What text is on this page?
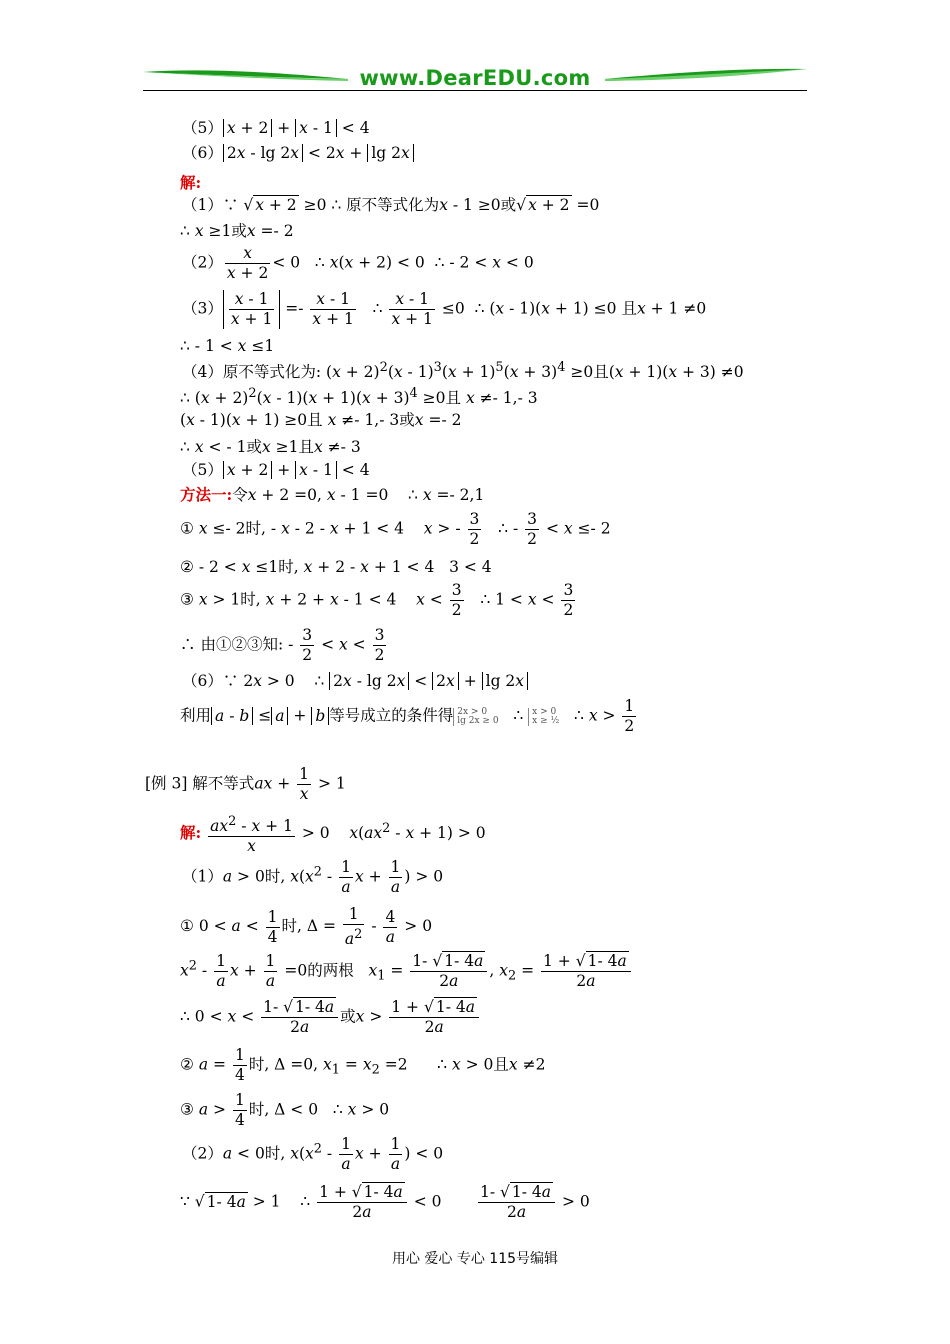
www.DearEDU.com
（5） x + 2 + x - 1 < 4
（6） 2x - lg 2x < 2x + lg 2x
解:
（1）∵ √ x + 2 ≥0 ∴ 原不等式化为x - 1 ≥0或√ x + 2 =0
∴ x ≥1或x =- 2
$(2) \frac{x}{x + 2} < 0$   ∴ x(x + 2) < 0  ∴ - 2 < x < 0
$(3) \frac{x - 1}{x + 1} =- \frac{x - 1}{x + 1}$ ∴ $\frac{x - 1}{x + 1} \le 0$  ∴ (x - 1)(x + 1) ≤0 且x + 1 ≠0
∴ - 1 < x ≤1
（4）原不等式化为: $(x + 2)^2(x - 1)^3(x + 1)^5(x + 3)^4 \ge 0$且(x + 1)(x + 3) ≠0
∴ $(x + 2)^2(x - 1)(x + 1)(x + 3)^4 \ge 0$且 x ≠- 1,- 3
(x - 1)(x + 1) ≥0且 x ≠- 1,- 3或x =- 2
∴ x < - 1或x ≥1且x ≠- 3
（5） x + 2 + x - 1 < 4
方法一:令x + 2 =0, x - 1 =0    ∴ x =- 2,1
① x ≤- 2时, - x - 2 - x + 1 < 4    x > - $\frac{3}{2}$ ∴ - $\frac{3}{2} < x \le- 2$
② - 2 < x ≤1时, x + 2 - x + 1 < 4   3 < 4
③ x > 1时, x + 2 + x - 1 < 4    $x < \frac{3}{2}$ ∴ $1 < x < \frac{3}{2}$
∴ 由①②③知: - $\frac{3}{2} < x < \frac{3}{2}$
（6）∵ 2x > 0    ∴ 2x - lg 2x < 2x + lg 2x
利用 a - b ≤ a + b 等号成立的条件得 2x > 0
lg 2x ≥ 0 ∴ x > 0
x ≥ ½ ∴ $x > \frac{1}{2}$
[例 3] 解不等式ax + $\frac{1}{x} > 1$
解: $\frac{ax^2 - x + 1}{x} > 0$    $x(ax^2 - x + 1) > 0$
（1）a > 0时, $x(x^2 - \frac{1}{a}$ $x + \frac{1}{a}$ ) > 0
① $0 < a < \frac{1}{4}$ 时, $\Delta = \frac{1}{a^2} - \frac{4}{a} > 0$
$x^2 - \frac{1}{a}$ $x + \frac{1}{a} =0$的两根 $x_1 = \frac{1- √ 1- 4a}{2a}$ , $x_2 = \frac{1 + √ 1- 4a}{2a}$
∴ $0 < x < \frac{1- √ 1- 4a}{2a}$ 或$x > \frac{1 + √ 1- 4a}{2a}$
② $a = \frac{1}{4}$ 时, Δ =0, $x_1 = x_2 =2$      ∴ x > 0且x ≠2
③ $a > \frac{1}{4}$ 时, Δ < 0   ∴ x > 0
（2）a < 0时, $x(x^2 - \frac{1}{a}$ $x + \frac{1}{a}$ ) < 0
∵ √ 1- 4a > 1    ∴ $\frac{1 + √ 1- 4a}{2a} < 0 \frac{1- √ 1- 4a}{2a} > 0$
用心 爱心 专心 115号编辑
